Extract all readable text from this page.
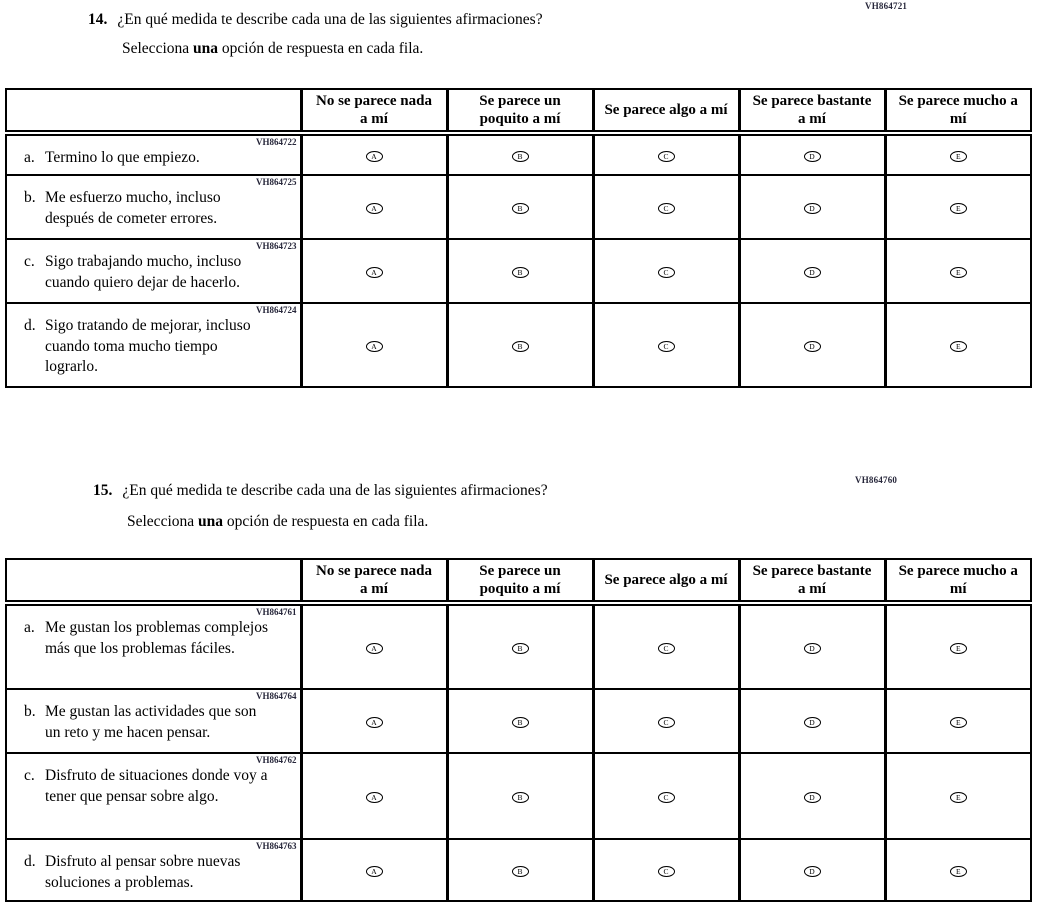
VH864721
14. ¿En qué medida te describe cada una de las siguientes afirmaciones?
Selecciona una opción de respuesta en cada fila.
	No se parece nada a mí	Se parece un poquito a mí	Se parece algo a mí	Se parece bastante a mí	Se parece mucho a mí

VH864722
a. Termino lo que empiezo.	A	B	C	D	E

VH864725
b. Me esfuerzo mucho, incluso después de cometer errores.	A	B	C	D	E

VH864723
c. Sigo trabajando mucho, incluso cuando quiero dejar de hacerlo.	A	B	C	D	E

VH864724
d. Sigo tratando de mejorar, incluso cuando toma mucho tiempo lograrlo.	A	B	C	D	E
VH864760
15. ¿En qué medida te describe cada una de las siguientes afirmaciones?
Selecciona una opción de respuesta en cada fila.
	No se parece nada a mí	Se parece un poquito a mí	Se parece algo a mí	Se parece bastante a mí	Se parece mucho a mí

VH864761
a. Me gustan los problemas complejos más que los problemas fáciles.	A	B	C	D	E

VH864764
b. Me gustan las actividades que son un reto y me hacen pensar.	A	B	C	D	E

VH864762
c. Disfruto de situaciones donde voy a tener que pensar sobre algo.	A	B	C	D	E

VH864763
d. Disfruto al pensar sobre nuevas soluciones a problemas.	A	B	C	D	E
